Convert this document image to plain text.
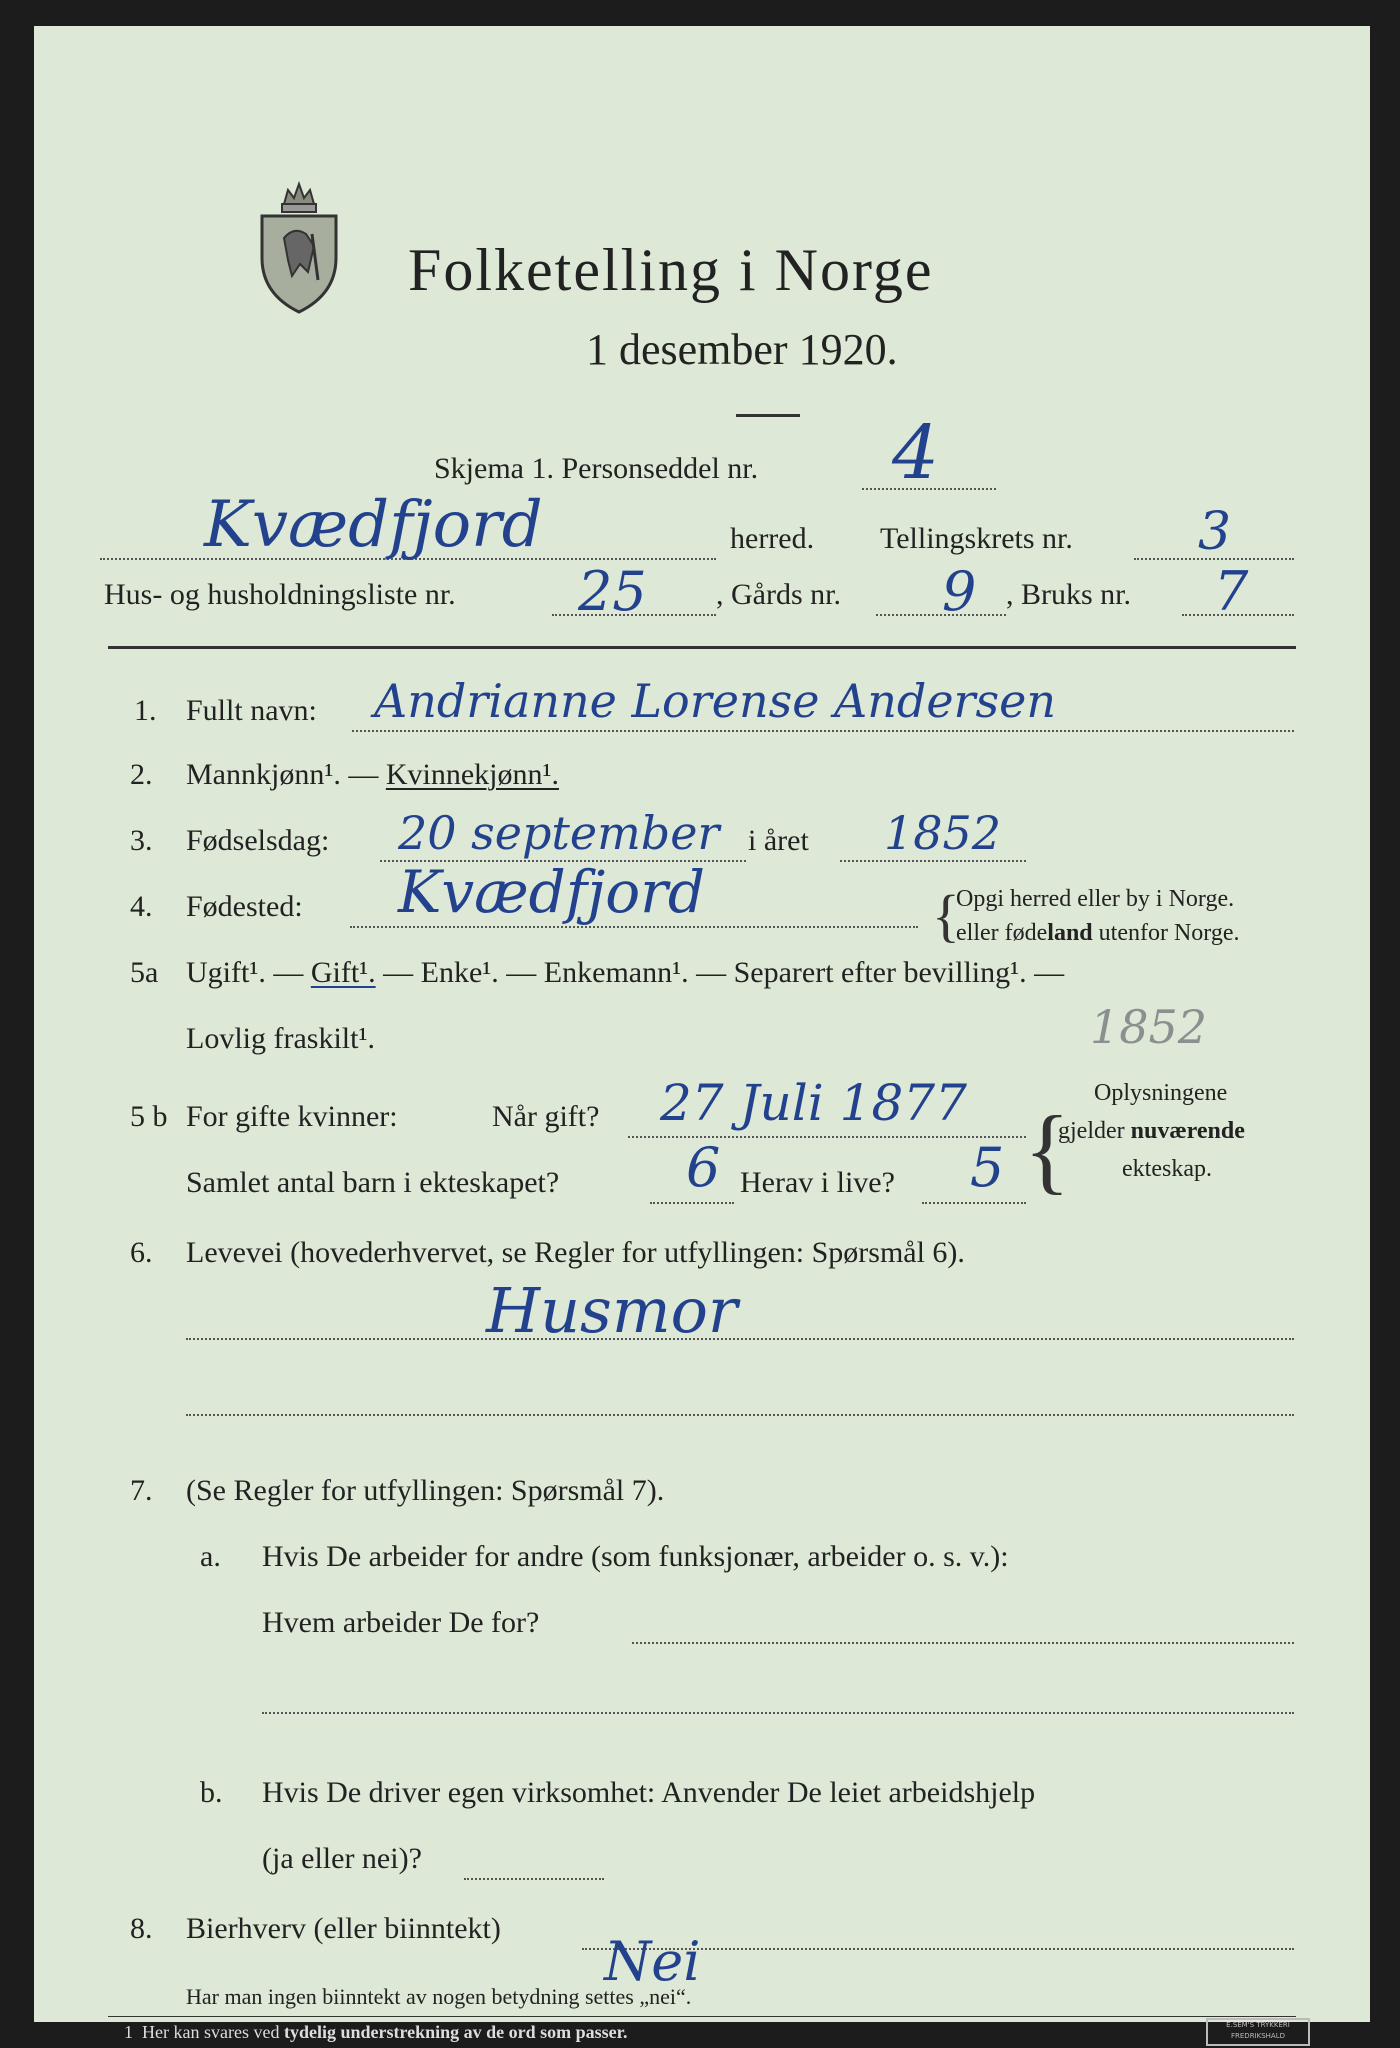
Folketelling i Norge
1 desember 1920.
Skjema 1. Personseddel nr. 4
Kvædfjord	herred. Tellingskrets nr. 3
Hus- og husholdningsliste nr. 25 , Gårds nr. 9 , Bruks nr. 7
1. Fullt navn: Andrianne Lorense Andersen
2. Mannkjønn¹. — Kvinnekjønn¹.
3. Fødselsdag: 20 september i året 1852
4. Fødested: Kvædfjord	{
Opgi herred eller by i Norge.
eller fødeland utenfor Norge.
5a Ugift¹. — Gift¹. — Enke¹. — Enkemann¹. — Separert efter bevilling¹. —
Lovlig fraskilt¹.	1852
5 b For gifte kvinner:	Når gift? 27 Juli 1877
Samlet antal barn i ekteskapet? 6 Herav i live? 5 {
Oplysningene
gjelder nuværende
ekteskap.
6. Levevei (hovederhvervet, se Regler for utfyllingen: Spørsmål 6).
Husmor
7. (Se Regler for utfyllingen: Spørsmål 7).
a. Hvis De arbeider for andre (som funksjonær, arbeider o. s. v.):
Hvem arbeider De for?
b. Hvis De driver egen virksomhet: Anvender De leiet arbeidshjelp
(ja eller nei)?
8. Bierhverv (eller biinntekt)
Nei
Har man ingen biinntekt av nogen betydning settes „nei“.
1 Her kan svares ved tydelig understrekning av de ord som passer.	E.SEM'S TRYKKERI
FREDRIKSHALD
